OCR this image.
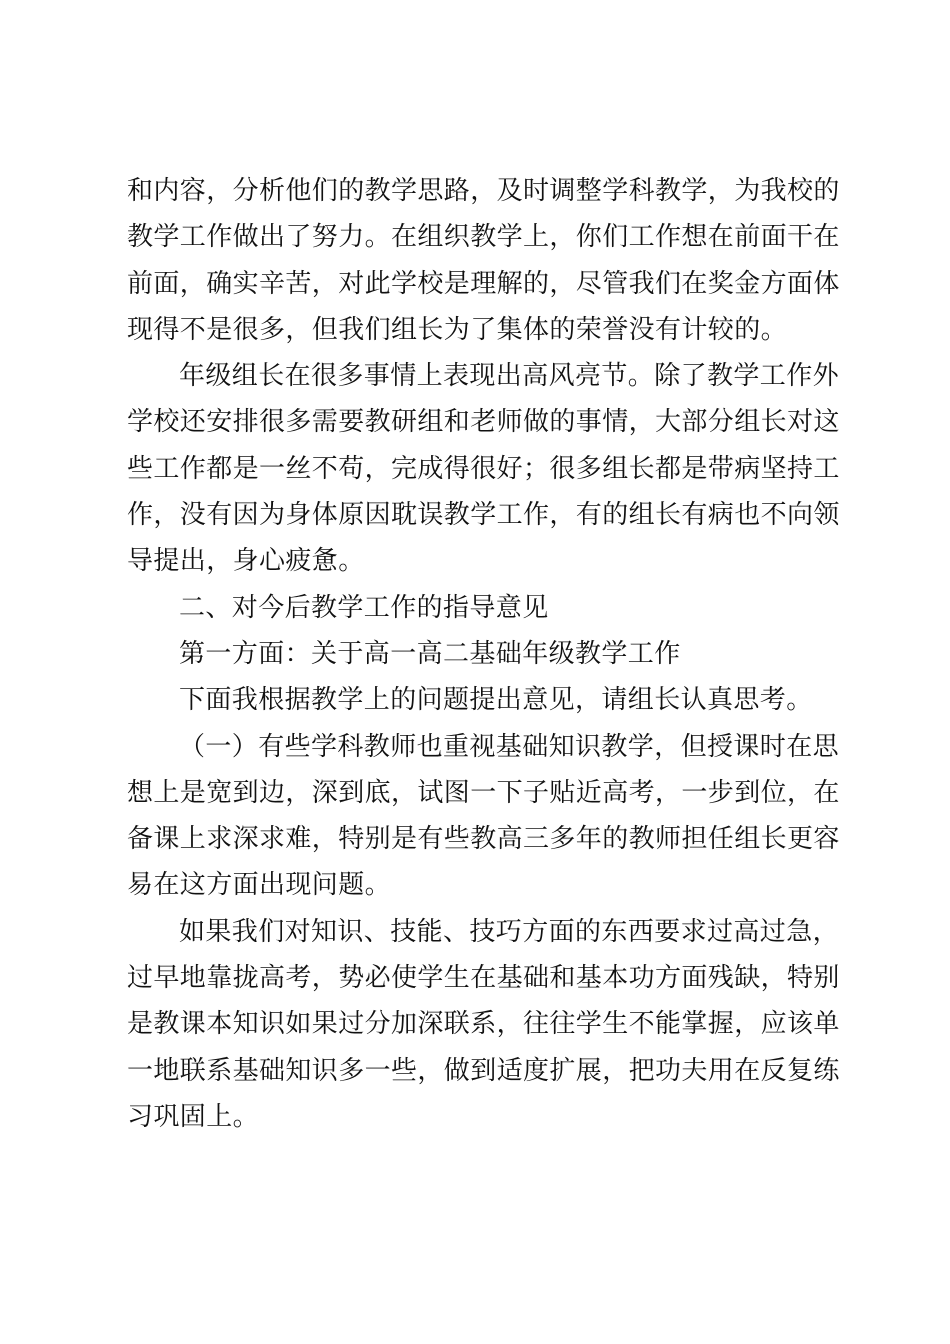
和内容，分析他们的教学思路，及时调整学科教学，为我校的
教学工作做出了努力。在组织教学上，你们工作想在前面干在
前面，确实辛苦，对此学校是理解的，尽管我们在奖金方面体
现得不是很多，但我们组长为了集体的荣誉没有计较的。
年级组长在很多事情上表现出高风亮节。除了教学工作外
学校还安排很多需要教研组和老师做的事情，大部分组长对这
些工作都是一丝不苟，完成得很好；很多组长都是带病坚持工
作，没有因为身体原因耽误教学工作，有的组长有病也不向领
导提出，身心疲惫。
二、对今后教学工作的指导意见
第一方面：关于高一高二基础年级教学工作
下面我根据教学上的问题提出意见，请组长认真思考。
（一）有些学科教师也重视基础知识教学，但授课时在思
想上是宽到边，深到底，试图一下子贴近高考，一步到位，在
备课上求深求难，特别是有些教高三多年的教师担任组长更容
易在这方面出现问题。
如果我们对知识、技能、技巧方面的东西要求过高过急，
过早地靠拢高考，势必使学生在基础和基本功方面残缺，特别
是教课本知识如果过分加深联系，往往学生不能掌握，应该单
一地联系基础知识多一些，做到适度扩展，把功夫用在反复练
习巩固上。
